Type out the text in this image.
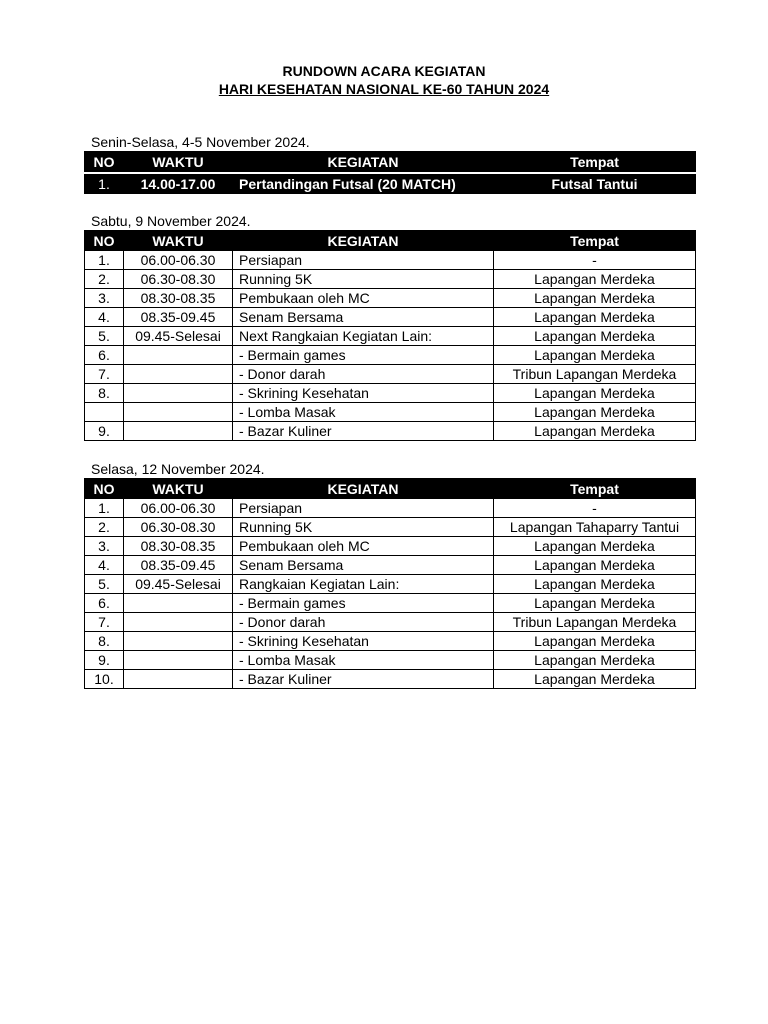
RUNDOWN ACARA KEGIATAN
HARI KESEHATAN NASIONAL KE-60 TAHUN 2024
Senin-Selasa, 4-5 November 2024.
NO	WAKTU	KEGIATAN	Tempat

1.	14.00-17.00	Pertandingan Futsal (20 MATCH)	Futsal Tantui
Sabtu, 9 November 2024.
NO	WAKTU	KEGIATAN	Tempat
1.	06.00-06.30	Persiapan	-
2.	06.30-08.30	Running 5K	Lapangan Merdeka
3.	08.30-08.35	Pembukaan oleh MC	Lapangan Merdeka
4.	08.35-09.45	Senam Bersama	Lapangan Merdeka
5.	09.45-Selesai	Next Rangkaian Kegiatan Lain:	Lapangan Merdeka
6.		- Bermain games	Lapangan Merdeka
7.		- Donor darah	Tribun Lapangan Merdeka
8.		- Skrining Kesehatan	Lapangan Merdeka
		- Lomba Masak	Lapangan Merdeka
9.		- Bazar Kuliner	Lapangan Merdeka
Selasa, 12 November 2024.
NO	WAKTU	KEGIATAN	Tempat
1.	06.00-06.30	Persiapan	-
2.	06.30-08.30	Running 5K	Lapangan Tahaparry Tantui
3.	08.30-08.35	Pembukaan oleh MC	Lapangan Merdeka
4.	08.35-09.45	Senam Bersama	Lapangan Merdeka
5.	09.45-Selesai	Rangkaian Kegiatan Lain:	Lapangan Merdeka
6.		- Bermain games	Lapangan Merdeka
7.		- Donor darah	Tribun Lapangan Merdeka
8.		- Skrining Kesehatan	Lapangan Merdeka
9.		- Lomba Masak	Lapangan Merdeka
10.		- Bazar Kuliner	Lapangan Merdeka
